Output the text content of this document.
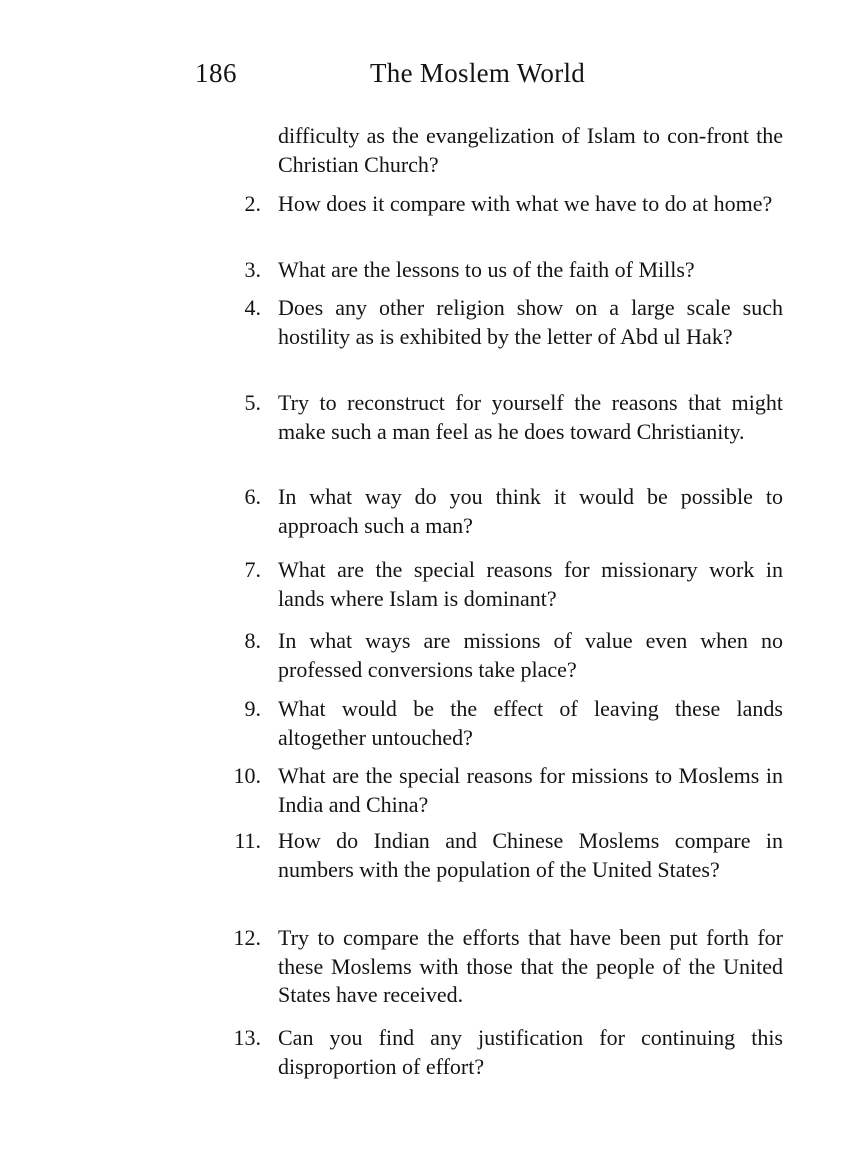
186	The Moslem World
difficulty as the evangelization of Islam to con-front the Christian Church?
2. How does it compare with what we have to do at home?
3. What are the lessons to us of the faith of Mills?
4. Does any other religion show on a large scale such hostility as is exhibited by the letter of Abd ul Hak?
5. Try to reconstruct for yourself the reasons that might make such a man feel as he does toward Christianity.
6. In what way do you think it would be possible to approach such a man?
7. What are the special reasons for missionary work in lands where Islam is dominant?
8. In what ways are missions of value even when no professed conversions take place?
9. What would be the effect of leaving these lands altogether untouched?
10. What are the special reasons for missions to Moslems in India and China?
11. How do Indian and Chinese Moslems compare in numbers with the population of the United States?
12. Try to compare the efforts that have been put forth for these Moslems with those that the people of the United States have received.
13. Can you find any justification for continuing this disproportion of effort?
